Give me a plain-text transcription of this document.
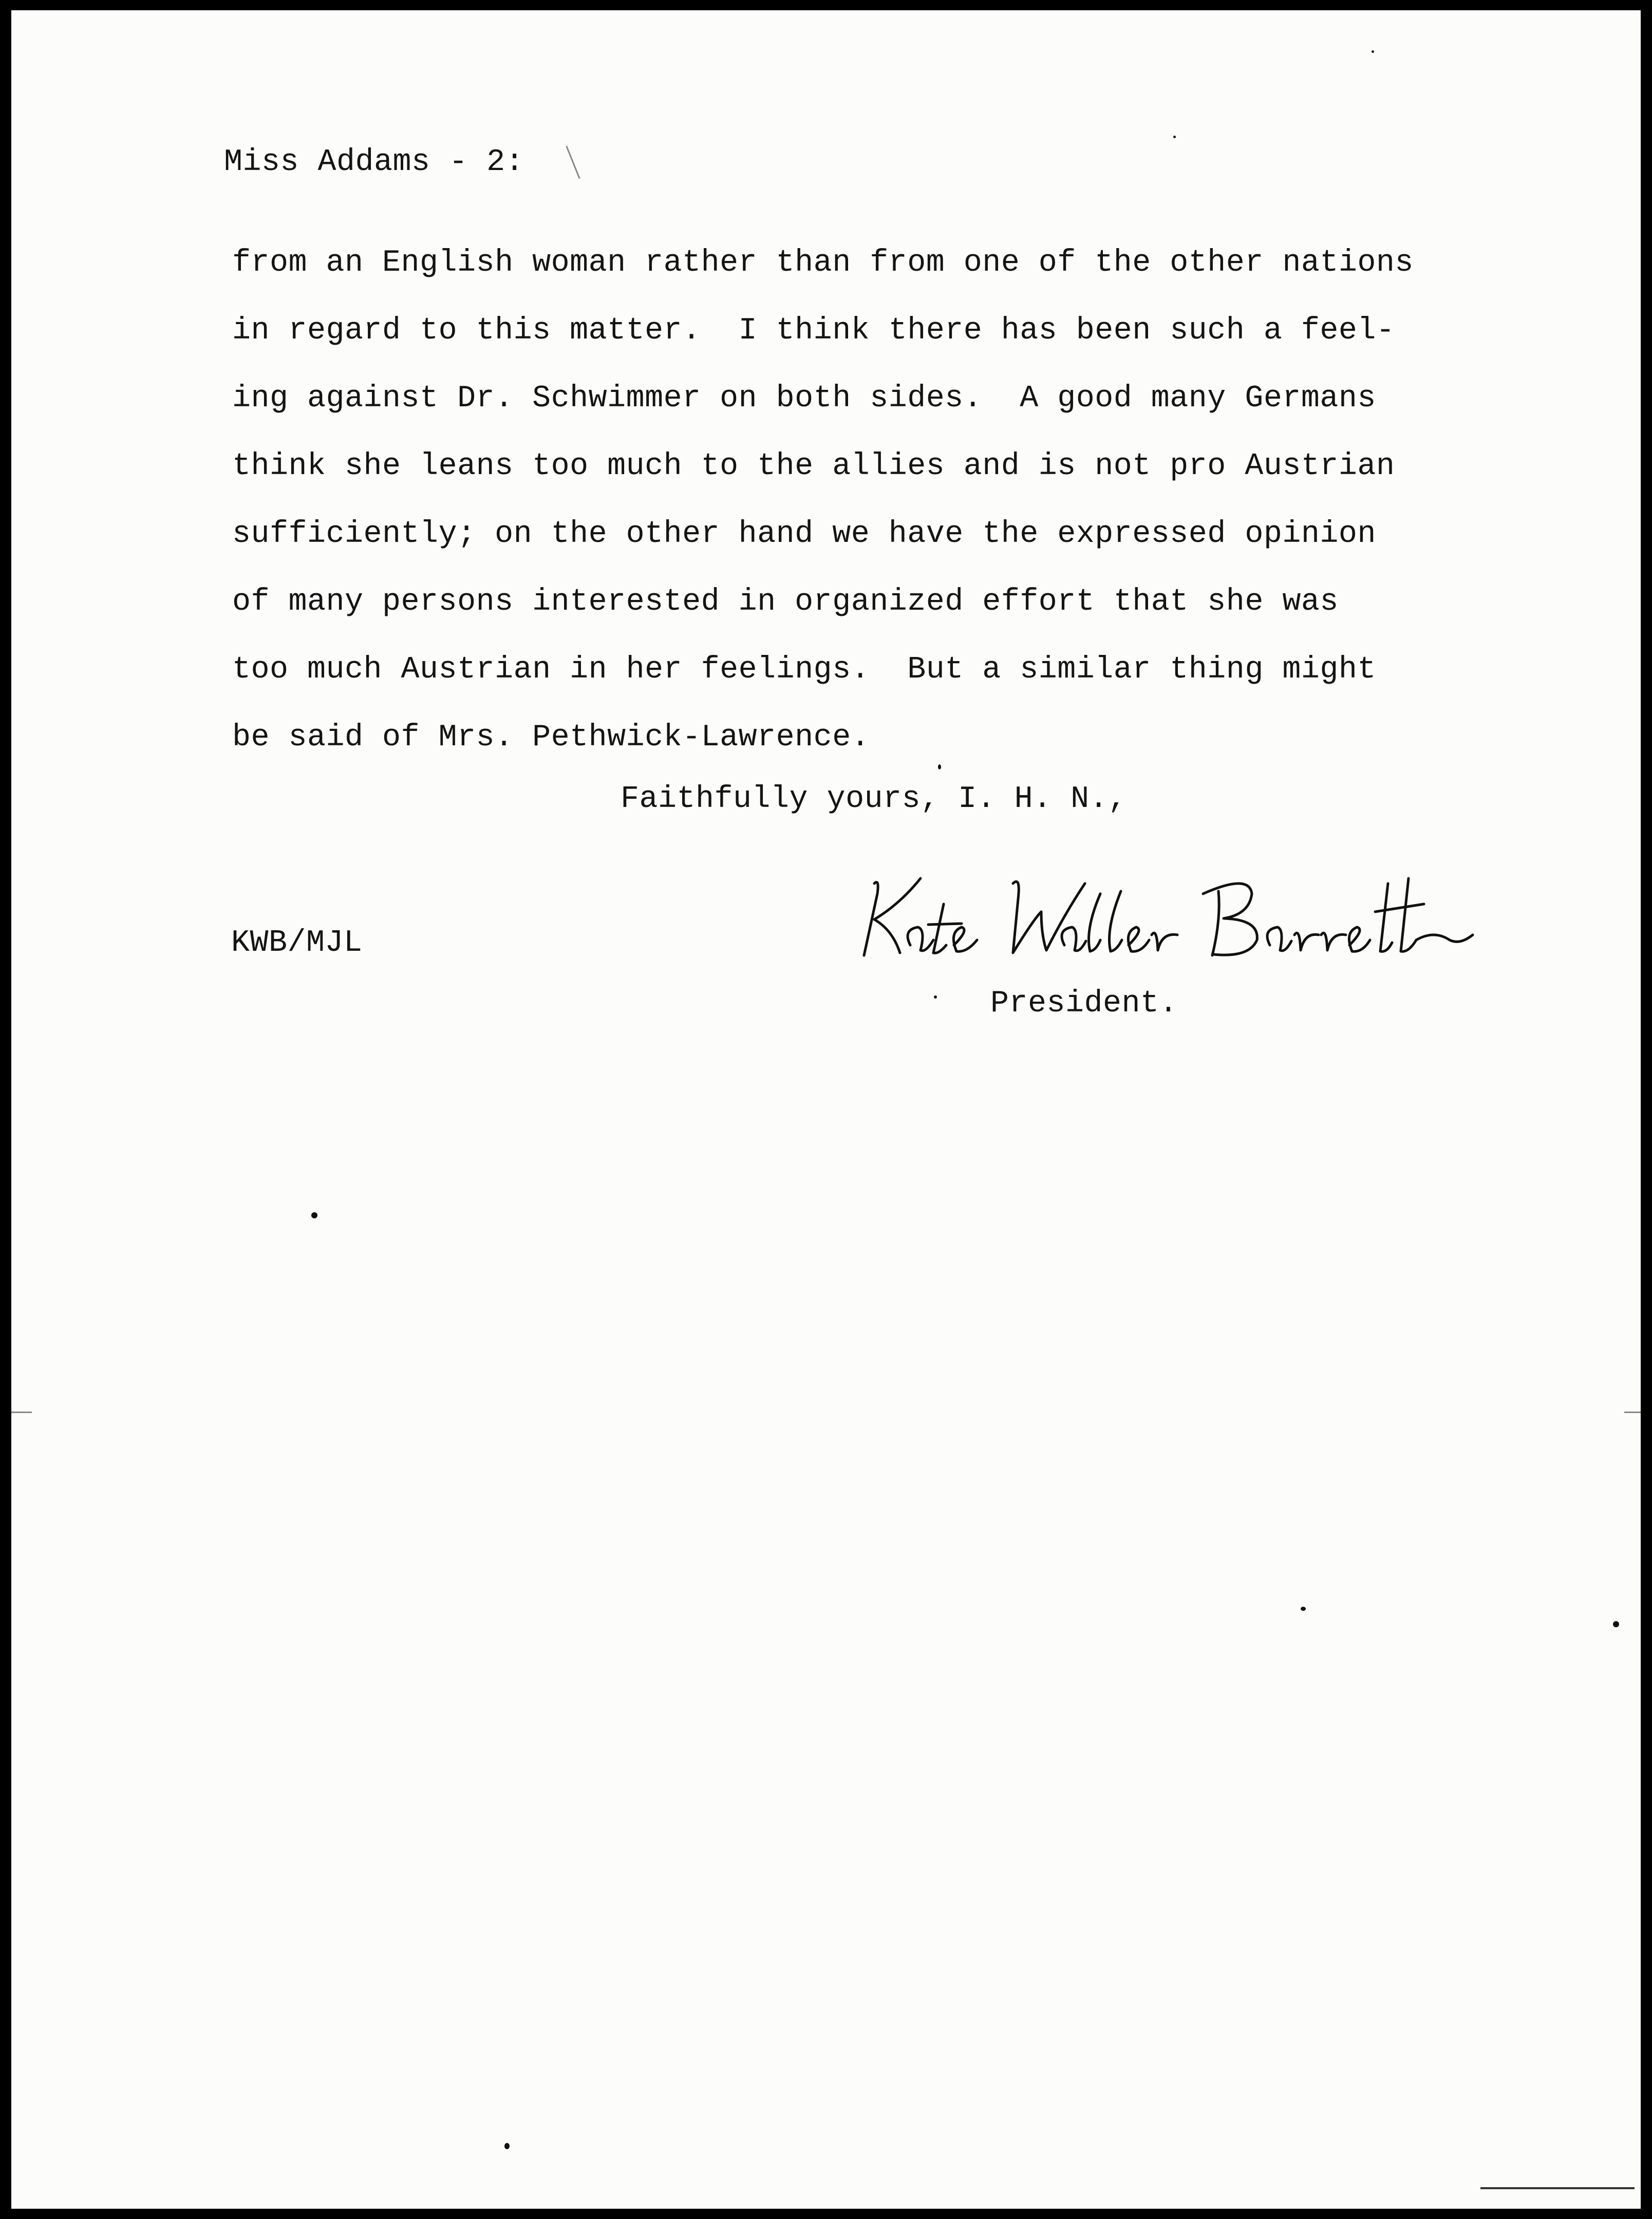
Miss Addams - 2:
from an English woman rather than from one of the other nations
in regard to this matter.  I think there has been such a feel-
ing against Dr. Schwimmer on both sides.  A good many Germans
think she leans too much to the allies and is not pro Austrian
sufficiently; on the other hand we have the expressed opinion
of many persons interested in organized effort that she was
too much Austrian in her feelings.  But a similar thing might
be said of Mrs. Pethwick-Lawrence.
Faithfully yours, I. H. N.,
KWB/MJL
President.
